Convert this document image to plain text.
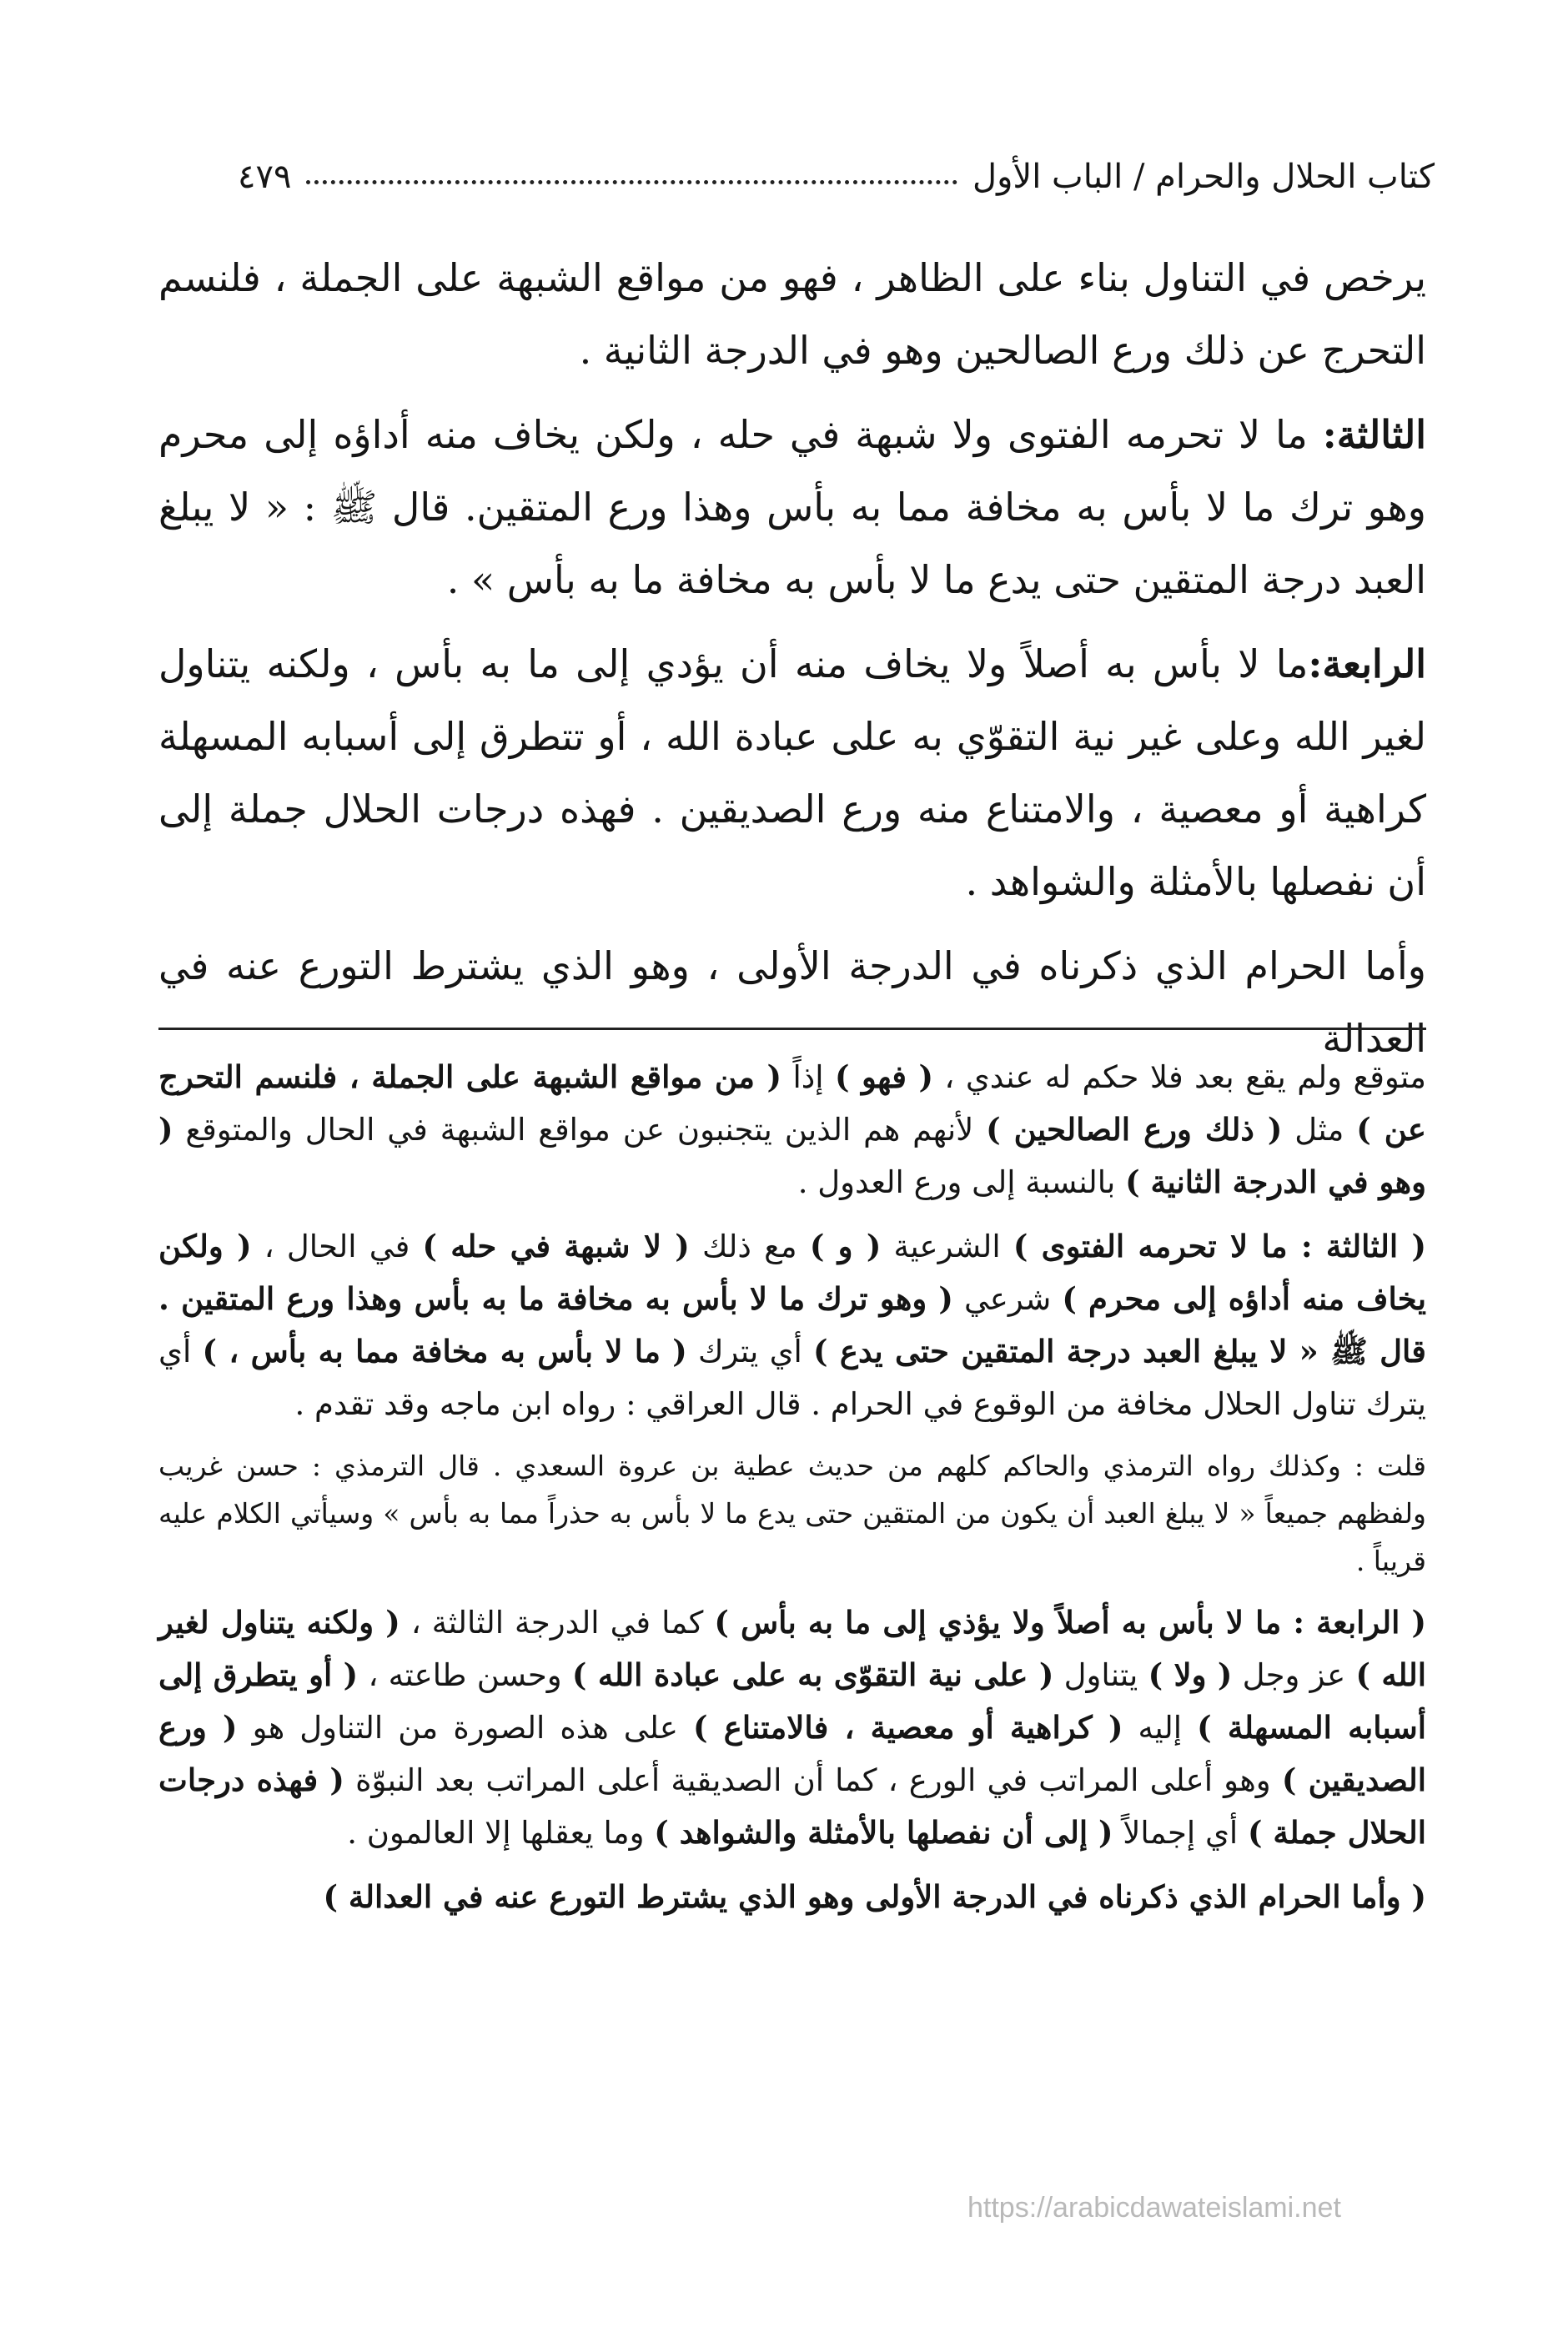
كتاب الحلال والحرام / الباب الأول
٤٧٩

يرخص في التناول بناء على الظاهر ، فهو من مواقع الشبهة على الجملة ، فلنسم التحرج عن ذلك ورع الصالحين وهو في الدرجة الثانية .

الثالثة: ما لا تحرمه الفتوى ولا شبهة في حله ، ولكن يخاف منه أداؤه إلى محرم وهو ترك ما لا بأس به مخافة مما به بأس وهذا ورع المتقين. قال ﷺ : « لا يبلغ العبد درجة المتقين حتى يدع ما لا بأس به مخافة ما به بأس » .

الرابعة:ما لا بأس به أصلاً ولا يخاف منه أن يؤدي إلى ما به بأس ، ولكنه يتناول لغير الله وعلى غير نية التقوّي به على عبادة الله ، أو تتطرق إلى أسبابه المسهلة كراهية أو معصية ، والامتناع منه ورع الصديقين . فهذه درجات الحلال جملة إلى أن نفصلها بالأمثلة والشواهد .

وأما الحرام الذي ذكرناه في الدرجة الأولى ، وهو الذي يشترط التورع عنه في العدالة

متوقع ولم يقع بعد فلا حكم له عندي ، ( فهو ) إذاً ( من مواقع الشبهة على الجملة ، فلنسم التحرج عن ) مثل ( ذلك ورع الصالحين ) لأنهم هم الذين يتجنبون عن مواقع الشبهة في الحال والمتوقع ( وهو في الدرجة الثانية ) بالنسبة إلى ورع العدول .

( الثالثة : ما لا تحرمه الفتوى ) الشرعية ( و ) مع ذلك ( لا شبهة في حله ) في الحال ، ( ولكن يخاف منه أداؤه إلى محرم ) شرعي ( وهو ترك ما لا بأس به مخافة ما به بأس وهذا ورع المتقين . قال ﷺ « لا يبلغ العبد درجة المتقين حتى يدع ) أي يترك ( ما لا بأس به مخافة مما به بأس ، ) أي يترك تناول الحلال مخافة من الوقوع في الحرام . قال العراقي : رواه ابن ماجه وقد تقدم .

قلت : وكذلك رواه الترمذي والحاكم كلهم من حديث عطية بن عروة السعدي . قال الترمذي : حسن غريب ولفظهم جميعاً « لا يبلغ العبد أن يكون من المتقين حتى يدع ما لا بأس به حذراً مما به بأس » وسيأتي الكلام عليه قريباً .

( الرابعة : ما لا بأس به أصلاً ولا يؤذي إلى ما به بأس ) كما في الدرجة الثالثة ، ( ولكنه يتناول لغير الله ) عز وجل ( ولا ) يتناول ( على نية التقوّى به على عبادة الله ) وحسن طاعته ، ( أو يتطرق إلى أسبابه المسهلة ) إليه ( كراهية أو معصية ، فالامتناع ) على هذه الصورة من التناول هو ( ورع الصديقين ) وهو أعلى المراتب في الورع ، كما أن الصديقية أعلى المراتب بعد النبوّة ( فهذه درجات الحلال جملة ) أي إجمالاً ( إلى أن نفصلها بالأمثلة والشواهد ) وما يعقلها إلا العالمون .

( وأما الحرام الذي ذكرناه في الدرجة الأولى وهو الذي يشترط التورع عنه في العدالة )

https://arabicdawateislami.net
